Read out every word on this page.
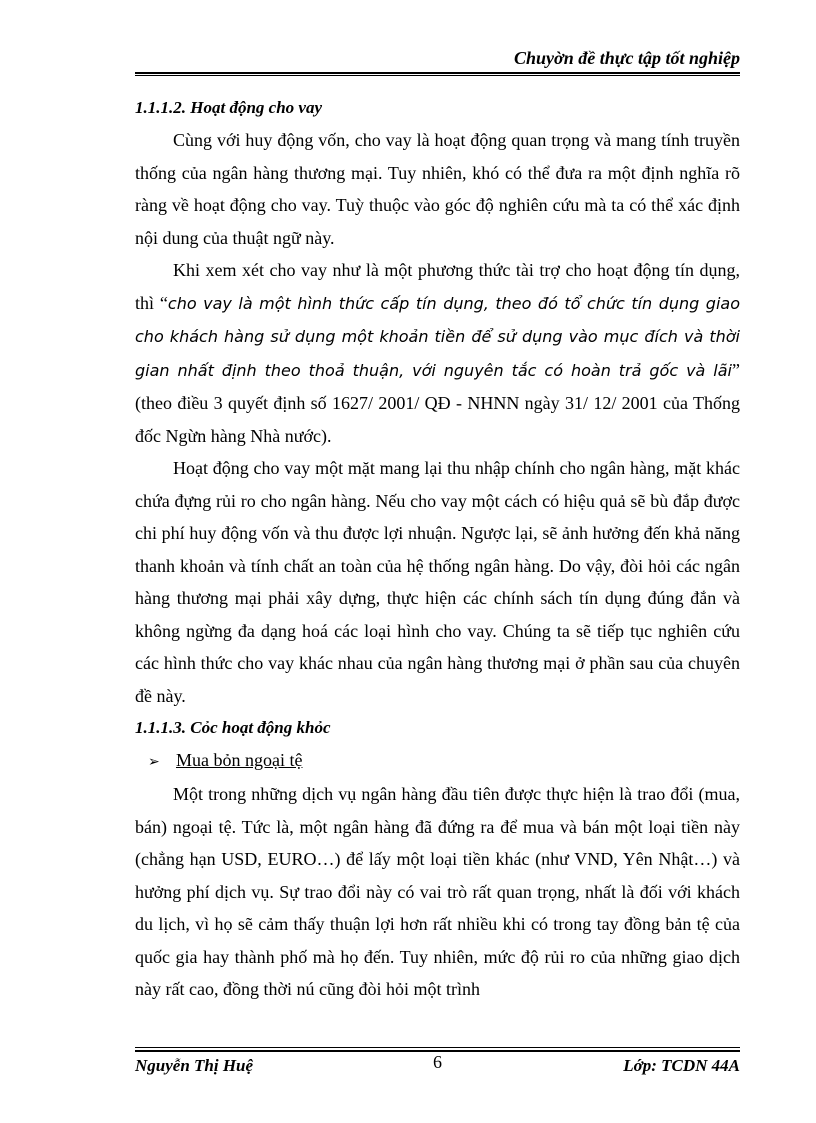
Chuyờn đề thực tập tốt nghiệp
1.1.1.2. Hoạt động cho vay

Cùng với huy động vốn, cho vay là hoạt động quan trọng và mang tính truyền thống của ngân hàng thương mại. Tuy nhiên, khó có thể đưa ra một định nghĩa rõ ràng về hoạt động cho vay. Tuỳ thuộc vào góc độ nghiên cứu mà ta có thể xác định nội dung của thuật ngữ này.

Khi xem xét cho vay như là một phương thức tài trợ cho hoạt động tín dụng, thì “cho vay là một hình thức cấp tín dụng, theo đó tổ chức tín dụng giao cho khách hàng sử dụng một khoản tiền để sử dụng vào mục đích và thời gian nhất định theo thoả thuận, với nguyên tắc có hoàn trả gốc và lãi” (theo điều 3 quyết định số 1627/ 2001/ QĐ - NHNN ngày 31/ 12/ 2001 của Thống đốc Ngừn hàng Nhà nước).

Hoạt động cho vay một mặt mang lại thu nhập chính cho ngân hàng, mặt khác chứa đựng rủi ro cho ngân hàng. Nếu cho vay một cách có hiệu quả sẽ bù đắp được chi phí huy động vốn và thu được lợi nhuận. Ngược lại, sẽ ảnh hưởng đến khả năng thanh khoản và tính chất an toàn của hệ thống ngân hàng. Do vậy, đòi hỏi các ngân hàng thương mại phải xây dựng, thực hiện các chính sách tín dụng đúng đắn và không ngừng đa dạng hoá các loại hình cho vay. Chúng ta sẽ tiếp tục nghiên cứu các hình thức cho vay khác nhau của ngân hàng thương mại ở phần sau của chuyên đề này.

1.1.1.3. Cỏc hoạt động khỏc
➢ Mua bỏn ngoại tệ

Một trong những dịch vụ ngân hàng đầu tiên được thực hiện là trao đổi (mua, bán) ngoại tệ. Tức là, một ngân hàng đã đứng ra để mua và bán một loại tiền này (chẳng hạn USD, EURO…) để lấy một loại tiền khác (như VND, Yên Nhật…) và hưởng phí dịch vụ. Sự trao đổi này có vai trò rất quan trọng, nhất là đối với khách du lịch, vì họ sẽ cảm thấy thuận lợi hơn rất nhiều khi có trong tay đồng bản tệ của quốc gia hay thành phố mà họ đến. Tuy nhiên, mức độ rủi ro của những giao dịch này rất cao, đồng thời nú cũng đòi hỏi một trình

Nguyễn Thị Huệ	6	Lớp: TCDN 44A
